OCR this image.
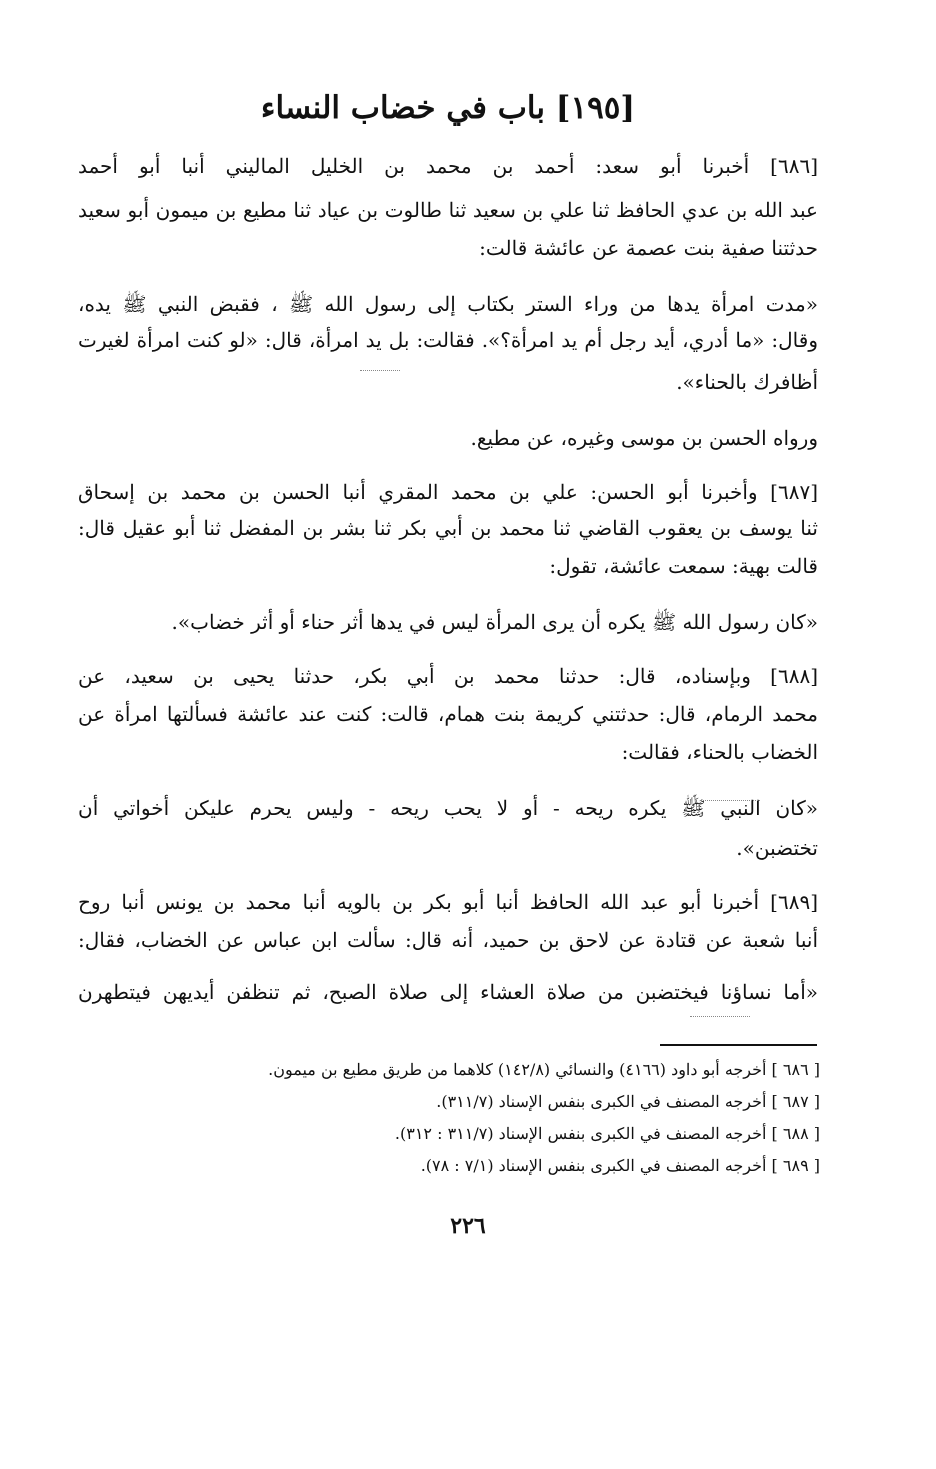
[١٩٥] باب في خضاب النساء
[٦٨٦] أخبرنا أبو سعد: أحمد بن محمد بن الخليل الماليني أنبا أبو أحمد
عبد الله بن عدي الحافظ ثنا علي بن سعيد ثنا طالوت بن عياد ثنا مطيع بن ميمون أبو سعيد
حدثتنا صفية بنت عصمة عن عائشة قالت:
«مدت امرأة يدها من وراء الستر بكتاب إلى رسول الله ﷺ ، فقبض النبي ﷺ يده،
وقال: «ما أدري، أيد رجل أم يد امرأة؟». فقالت: بل يد امرأة، قال: «لو كنت امرأة لغيرت
أظافرك بالحناء».
ورواه الحسن بن موسى وغيره، عن مطيع.
[٦٨٧] وأخبرنا أبو الحسن: علي بن محمد المقري أنبا الحسن بن محمد بن إسحاق
ثنا يوسف بن يعقوب القاضي ثنا محمد بن أبي بكر ثنا بشر بن المفضل ثنا أبو عقيل قال:
قالت بهية: سمعت عائشة، تقول:
«كان رسول الله ﷺ يكره أن يرى المرأة ليس في يدها أثر حناء أو أثر خضاب».
[٦٨٨] وبإسناده، قال: حدثنا محمد بن أبي بكر، حدثنا يحيى بن سعيد، عن
محمد الرمام، قال: حدثتني كريمة بنت همام، قالت: كنت عند عائشة فسألتها امرأة عن
الخضاب بالحناء، فقالت:
«كان النبي ﷺ يكره ريحه - أو لا يحب ريحه - وليس يحرم عليكن أخواتي أن
تختضبن».
[٦٨٩] أخبرنا أبو عبد الله الحافظ أنبا أبو بكر بن بالويه أنبا محمد بن يونس أنبا روح
أنبا شعبة عن قتادة عن لاحق بن حميد، أنه قال: سألت ابن عباس عن الخضاب، فقال:
«أما نساؤنا فيختضبن من صلاة العشاء إلى صلاة الصبح، ثم تنظفن أيديهن فيتطهرن
[ ٦٨٦ ] أخرجه أبو داود (٤١٦٦) والنسائي (١٤٢/٨) كلاهما من طريق مطيع بن ميمون.
[ ٦٨٧ ] أخرجه المصنف في الكبرى بنفس الإسناد (٣١١/٧).
[ ٦٨٨ ] أخرجه المصنف في الكبرى بنفس الإسناد (٣١١/٧ : ٣١٢).
[ ٦٨٩ ] أخرجه المصنف في الكبرى بنفس الإسناد (٧/١ : ٧٨).
٢٢٦
